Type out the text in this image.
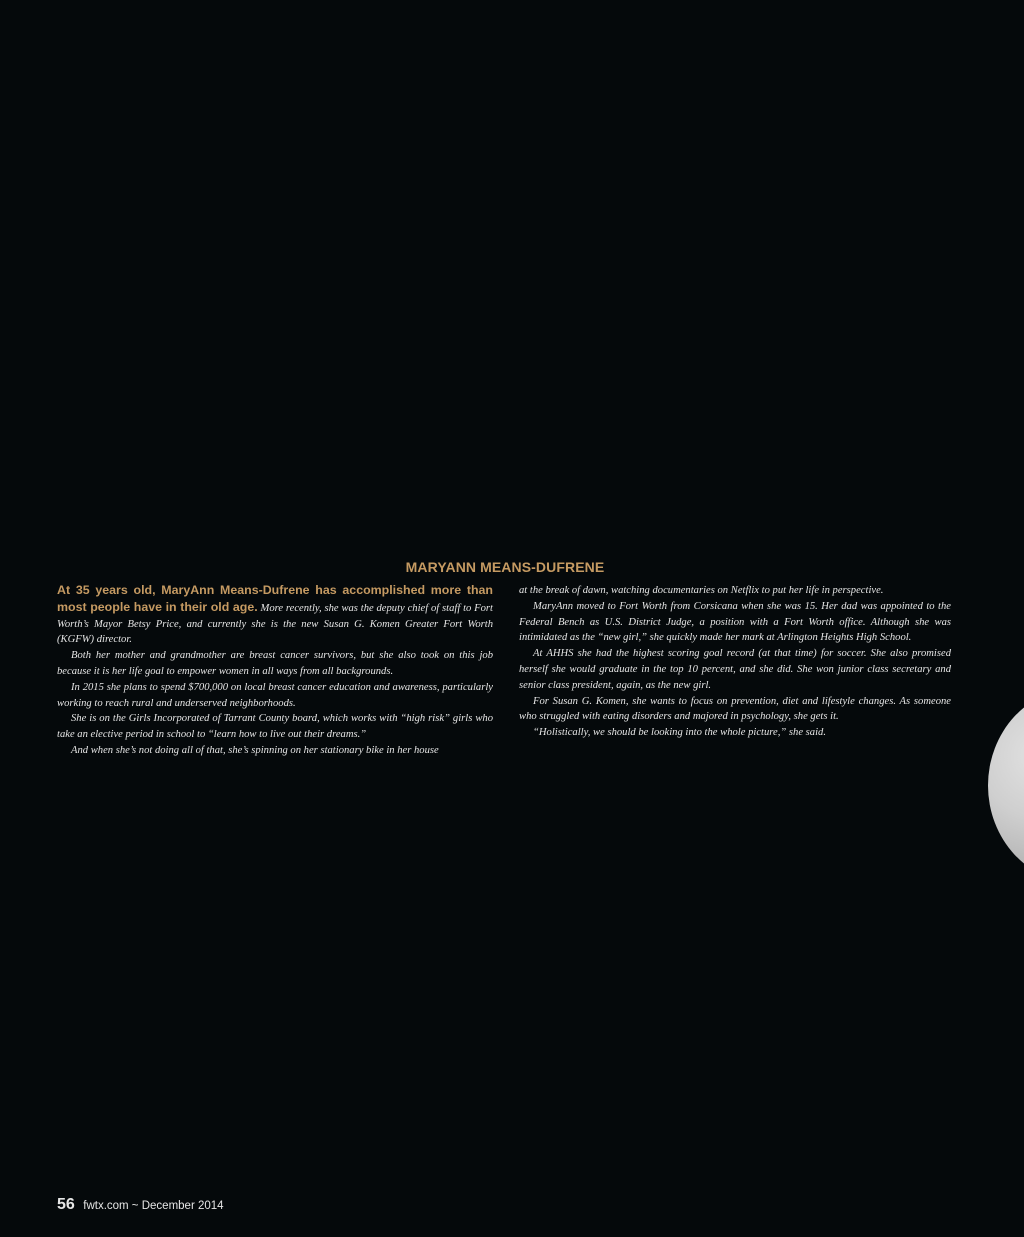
MARYANN MEANS-DUFRENE

At 35 years old, MaryAnn Means-Dufrene has accomplished more than most people have in their old age. More recently, she was the deputy chief of staff to Fort Worth’s Mayor Betsy Price, and currently she is the new Susan G. Komen Greater Fort Worth (KGFW) director.

Both her mother and grandmother are breast cancer survivors, but she also took on this job because it is her life goal to empower women in all ways from all backgrounds.

In 2015 she plans to spend $700,000 on local breast cancer education and awareness, particularly working to reach rural and underserved neighborhoods.

She is on the Girls Incorporated of Tarrant County board, which works with “high risk” girls who take an elective period in school to “learn how to live out their dreams.”

And when she’s not doing all of that, she’s spinning on her stationary bike in her house

at the break of dawn, watching documentaries on Netflix to put her life in perspective.

MaryAnn moved to Fort Worth from Corsicana when she was 15. Her dad was appointed to the Federal Bench as U.S. District Judge, a position with a Fort Worth office. Although she was intimidated as the “new girl,” she quickly made her mark at Arlington Heights High School.

At AHHS she had the highest scoring goal record (at that time) for soccer. She also promised herself she would graduate in the top 10 percent, and she did. She won junior class secretary and senior class president, again, as the new girl.

For Susan G. Komen, she wants to focus on prevention, diet and lifestyle changes. As someone who struggled with eating disorders and majored in psychology, she gets it.

“Holistically, we should be looking into the whole picture,” she said.

56 fwtx.com ~ December 2014
